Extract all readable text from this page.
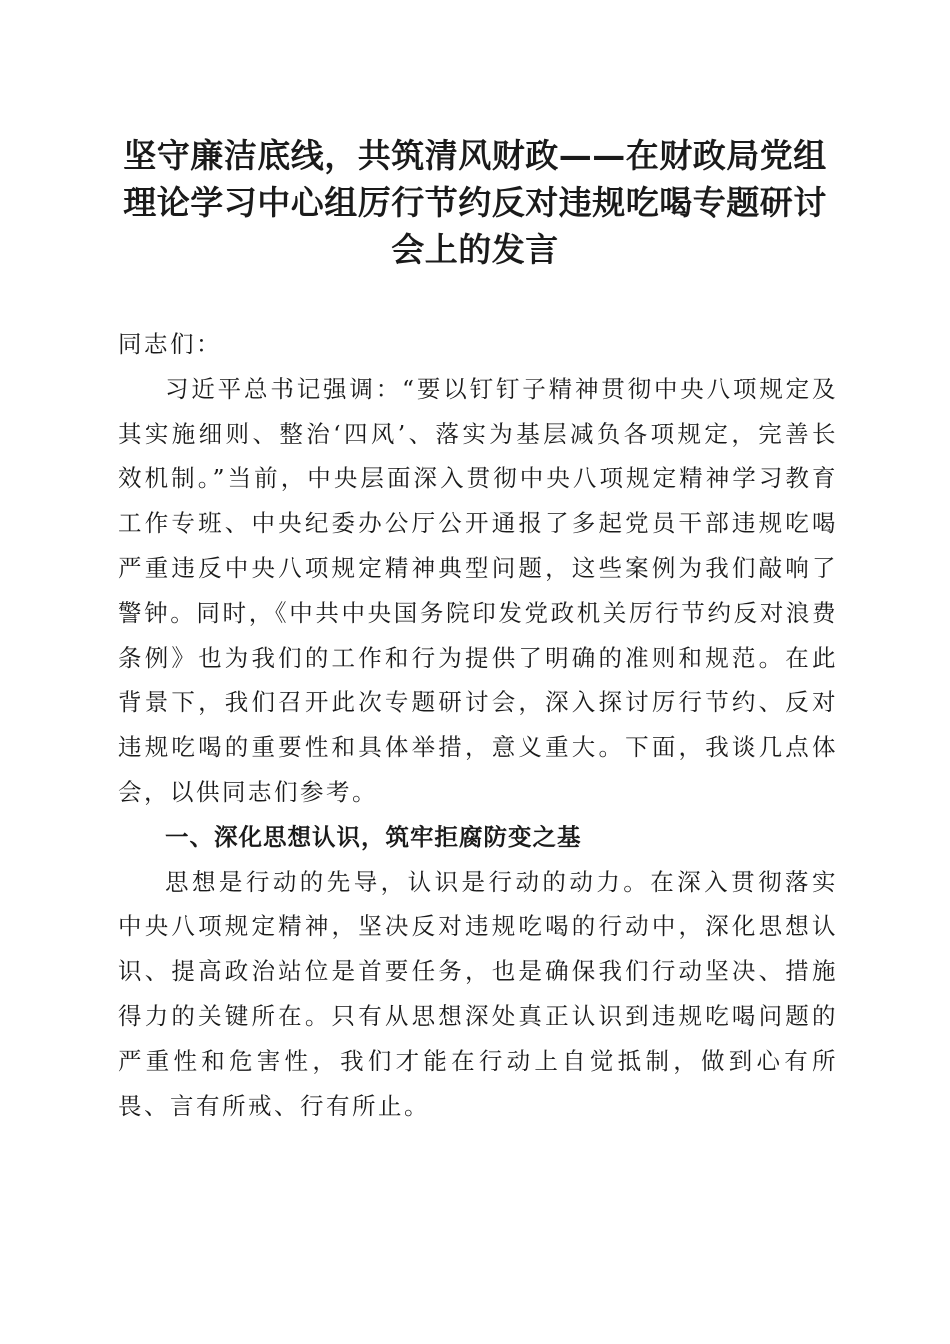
坚守廉洁底线，共筑清风财政——在财政局党组理论学习中心组厉行节约反对违规吃喝专题研讨会上的发言

同志们：

习近平总书记强调：“要以钉钉子精神贯彻中央八项规定及其实施细则、整治‘四风’、落实为基层减负各项规定，完善长效机制。”当前，中央层面深入贯彻中央八项规定精神学习教育工作专班、中央纪委办公厅公开通报了多起党员干部违规吃喝严重违反中央八项规定精神典型问题，这些案例为我们敲响了警钟。同时，《中共中央国务院印发党政机关厉行节约反对浪费条例》也为我们的工作和行为提供了明确的准则和规范。在此背景下，我们召开此次专题研讨会，深入探讨厉行节约、反对违规吃喝的重要性和具体举措，意义重大。下面，我谈几点体会，以供同志们参考。

一、深化思想认识，筑牢拒腐防变之基

思想是行动的先导，认识是行动的动力。在深入贯彻落实中央八项规定精神，坚决反对违规吃喝的行动中，深化思想认识、提高政治站位是首要任务，也是确保我们行动坚决、措施得力的关键所在。只有从思想深处真正认识到违规吃喝问题的严重性和危害性，我们才能在行动上自觉抵制，做到心有所畏、言有所戒、行有所止。
